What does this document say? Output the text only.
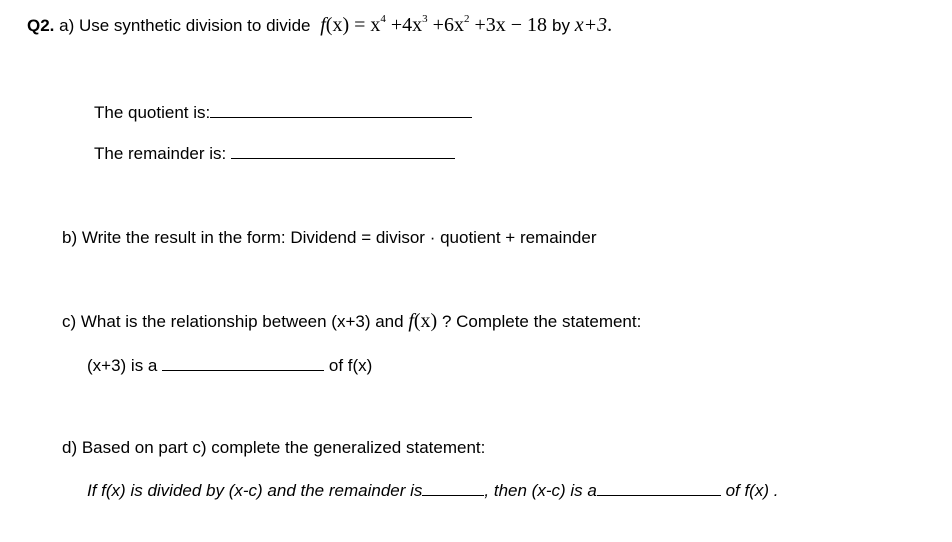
Q2. a) Use synthetic division to divide $f(x) = x^4 +4x^3 +6x^2 +3x - 18$ by x+3.
The quotient is:
The remainder is:
b) Write the result in the form: Dividend = divisor · quotient + remainder
c) What is the relationship between (x+3) and f(x) ? Complete the statement:
(x+3) is a	of f(x)
d) Based on part c) complete the generalized statement:
If f(x) is divided by (x-c) and the remainder is	, then (x-c) is a	of f(x) .
